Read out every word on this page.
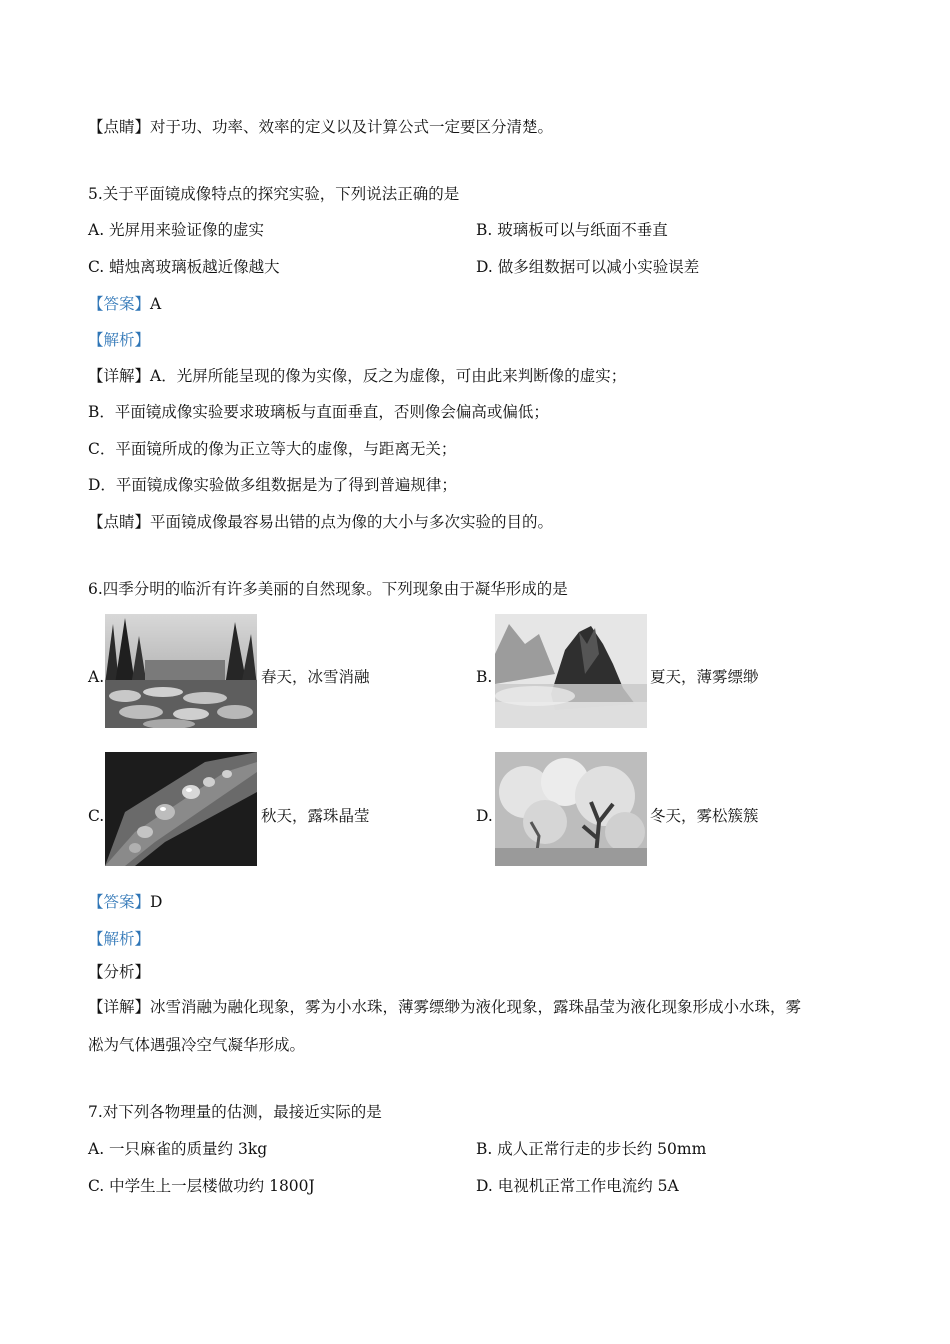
【点睛】对于功、功率、效率的定义以及计算公式一定要区分清楚。
5.关于平面镜成像特点的探究实验，下列说法正确的是
A. 光屏用来验证像的虚实	B. 玻璃板可以与纸面不垂直
C. 蜡烛离玻璃板越近像越大	D. 做多组数据可以减小实验误差
【答案】A
【解析】
【详解】A．光屏所能呈现的像为实像，反之为虚像，可由此来判断像的虚实；
B．平面镜成像实验要求玻璃板与直面垂直，否则像会偏高或偏低；
C．平面镜所成的像为正立等大的虚像，与距离无关；
D．平面镜成像实验做多组数据是为了得到普遍规律；
【点睛】平面镜成像最容易出错的点为像的大小与多次实验的目的。
6.四季分明的临沂有许多美丽的自然现象。下列现象由于凝华形成的是
A.	春天，冰雪消融	B.	夏天，薄雾缥缈
C.	秋天，露珠晶莹	D.	冬天，雾松簇簇
【答案】D
【解析】
【分析】
【详解】冰雪消融为融化现象，雾为小水珠，薄雾缥缈为液化现象，露珠晶莹为液化现象形成小水珠，雾
凇为气体遇强冷空气凝华形成。
7.对下列各物理量的估测，最接近实际的是
A. 一只麻雀的质量约 3kg	B. 成人正常行走的步长约 50mm
C. 中学生上一层楼做功约 1800J	D. 电视机正常工作电流约 5A
